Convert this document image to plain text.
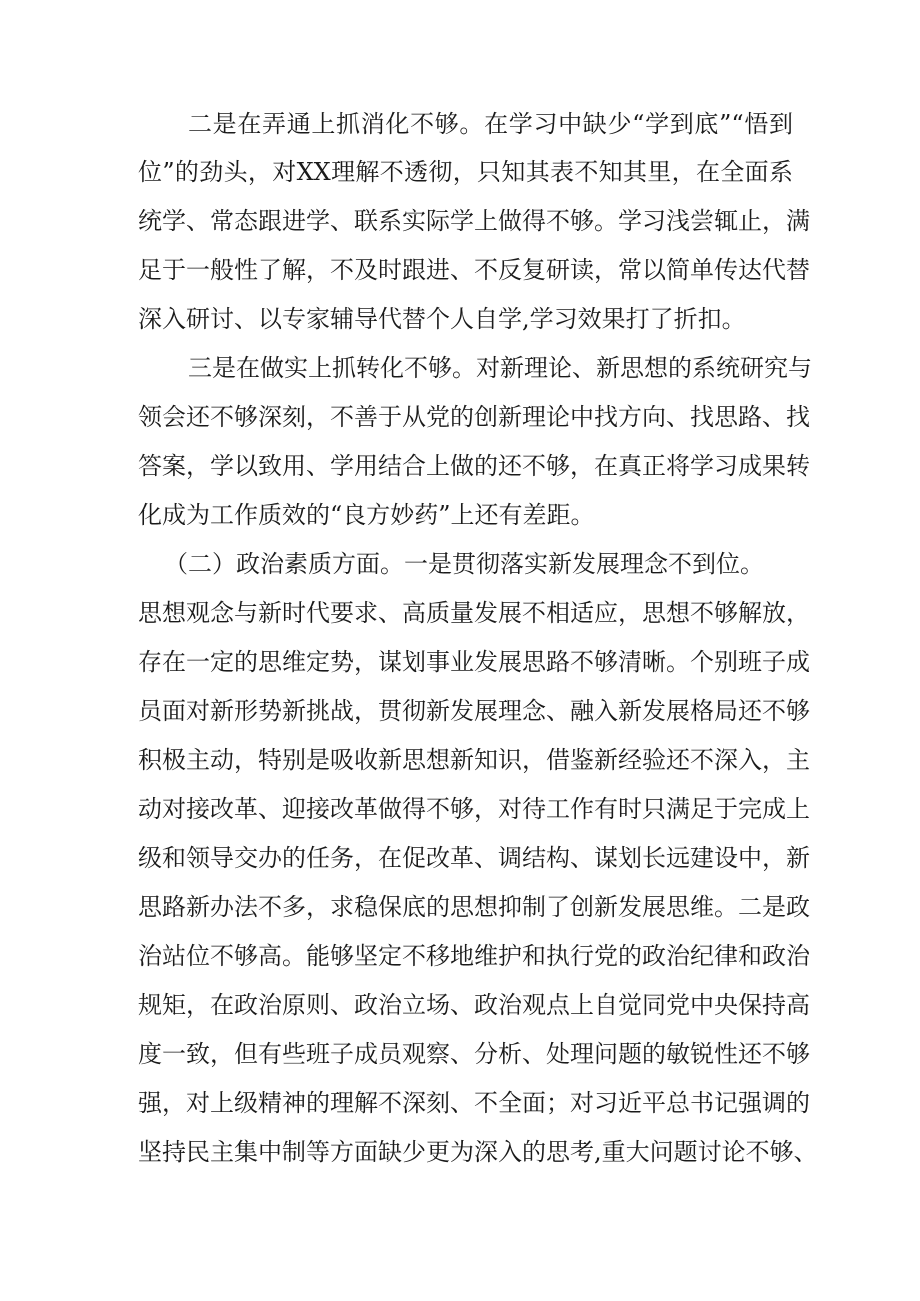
二是在弄通上抓消化不够。在学习中缺少“学到底”“悟到
位”的劲头，对XX理解不透彻，只知其表不知其里，在全面系
统学、常态跟进学、联系实际学上做得不够。学习浅尝辄止，满
足于一般性了解，不及时跟进、不反复研读，常以简单传达代替
深入研讨、以专家辅导代替个人自学,学习效果打了折扣。
三是在做实上抓转化不够。对新理论、新思想的系统研究与
领会还不够深刻，不善于从党的创新理论中找方向、找思路、找
答案，学以致用、学用结合上做的还不够，在真正将学习成果转
化成为工作质效的“良方妙药”上还有差距。
（二）政治素质方面。一是贯彻落实新发展理念不到位。
思想观念与新时代要求、高质量发展不相适应，思想不够解放，
存在一定的思维定势，谋划事业发展思路不够清晰。个别班子成
员面对新形势新挑战，贯彻新发展理念、融入新发展格局还不够
积极主动，特别是吸收新思想新知识，借鉴新经验还不深入，主
动对接改革、迎接改革做得不够，对待工作有时只满足于完成上
级和领导交办的任务，在促改革、调结构、谋划长远建设中，新
思路新办法不多，求稳保底的思想抑制了创新发展思维。二是政
治站位不够高。能够坚定不移地维护和执行党的政治纪律和政治
规矩，在政治原则、政治立场、政治观点上自觉同党中央保持高
度一致，但有些班子成员观察、分析、处理问题的敏锐性还不够
强，对上级精神的理解不深刻、不全面；对习近平总书记强调的
坚持民主集中制等方面缺少更为深入的思考,重大问题讨论不够、
